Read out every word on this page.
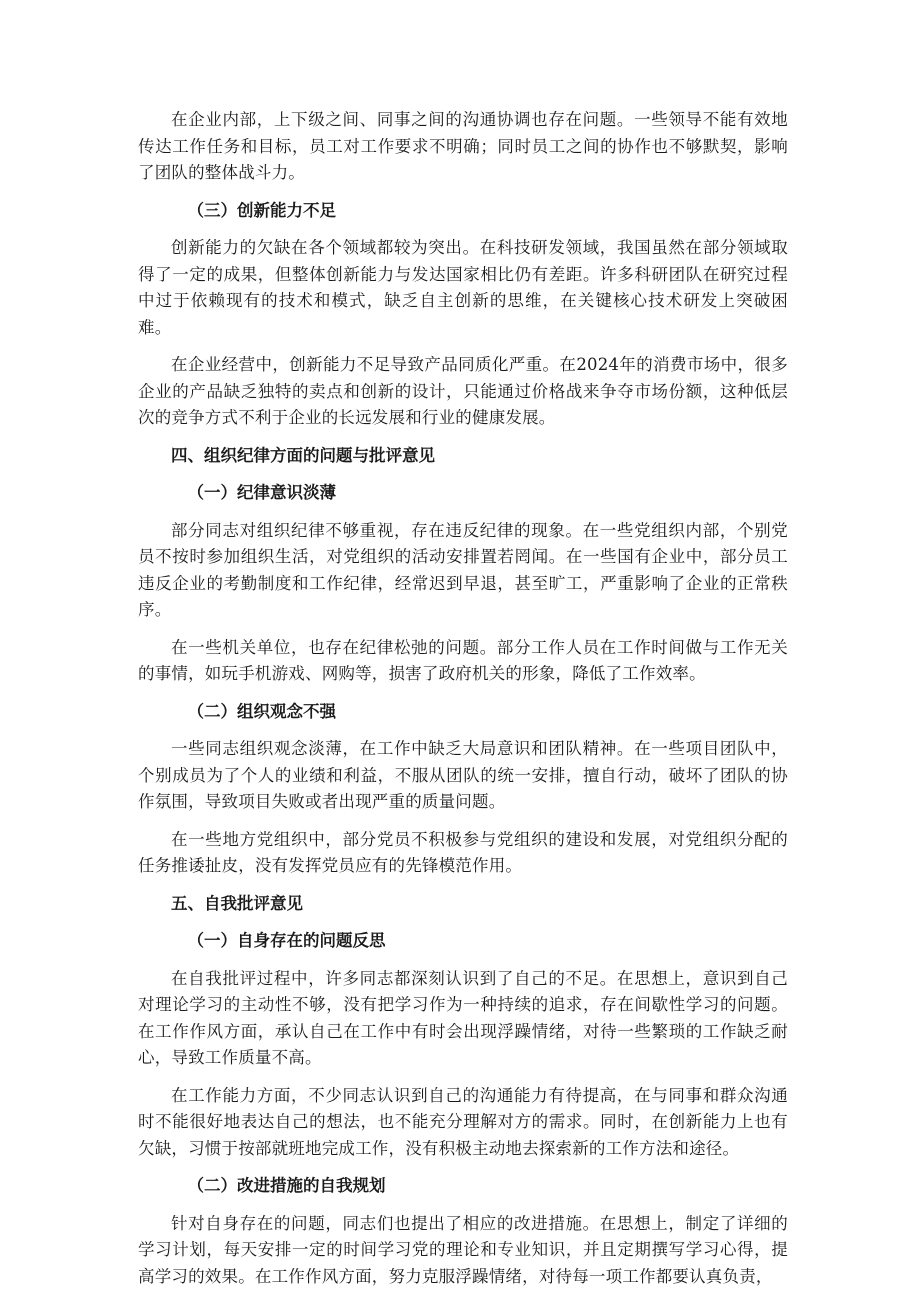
在企业内部，上下级之间、同事之间的沟通协调也存在问题。一些领导不能有效地传达工作任务和目标，员工对工作要求不明确；同时员工之间的协作也不够默契，影响了团队的整体战斗力。

（三）创新能力不足

创新能力的欠缺在各个领域都较为突出。在科技研发领域，我国虽然在部分领域取得了一定的成果，但整体创新能力与发达国家相比仍有差距。许多科研团队在研究过程中过于依赖现有的技术和模式，缺乏自主创新的思维，在关键核心技术研发上突破困难。

在企业经营中，创新能力不足导致产品同质化严重。在2024年的消费市场中，很多企业的产品缺乏独特的卖点和创新的设计，只能通过价格战来争夺市场份额，这种低层次的竞争方式不利于企业的长远发展和行业的健康发展。

四、组织纪律方面的问题与批评意见

（一）纪律意识淡薄

部分同志对组织纪律不够重视，存在违反纪律的现象。在一些党组织内部，个别党员不按时参加组织生活，对党组织的活动安排置若罔闻。在一些国有企业中，部分员工违反企业的考勤制度和工作纪律，经常迟到早退，甚至旷工，严重影响了企业的正常秩序。

在一些机关单位，也存在纪律松弛的问题。部分工作人员在工作时间做与工作无关的事情，如玩手机游戏、网购等，损害了政府机关的形象，降低了工作效率。

（二）组织观念不强

一些同志组织观念淡薄，在工作中缺乏大局意识和团队精神。在一些项目团队中，个别成员为了个人的业绩和利益，不服从团队的统一安排，擅自行动，破坏了团队的协作氛围，导致项目失败或者出现严重的质量问题。

在一些地方党组织中，部分党员不积极参与党组织的建设和发展，对党组织分配的任务推诿扯皮，没有发挥党员应有的先锋模范作用。

五、自我批评意见

（一）自身存在的问题反思

在自我批评过程中，许多同志都深刻认识到了自己的不足。在思想上，意识到自己对理论学习的主动性不够，没有把学习作为一种持续的追求，存在间歇性学习的问题。在工作作风方面，承认自己在工作中有时会出现浮躁情绪，对待一些繁琐的工作缺乏耐心，导致工作质量不高。

在工作能力方面，不少同志认识到自己的沟通能力有待提高，在与同事和群众沟通时不能很好地表达自己的想法，也不能充分理解对方的需求。同时，在创新能力上也有欠缺，习惯于按部就班地完成工作，没有积极主动地去探索新的工作方法和途径。

（二）改进措施的自我规划

针对自身存在的问题，同志们也提出了相应的改进措施。在思想上，制定了详细的学习计划，每天安排一定的时间学习党的理论和专业知识，并且定期撰写学习心得，提高学习的效果。在工作作风方面，努力克服浮躁情绪，对待每一项工作都要认真负责，
